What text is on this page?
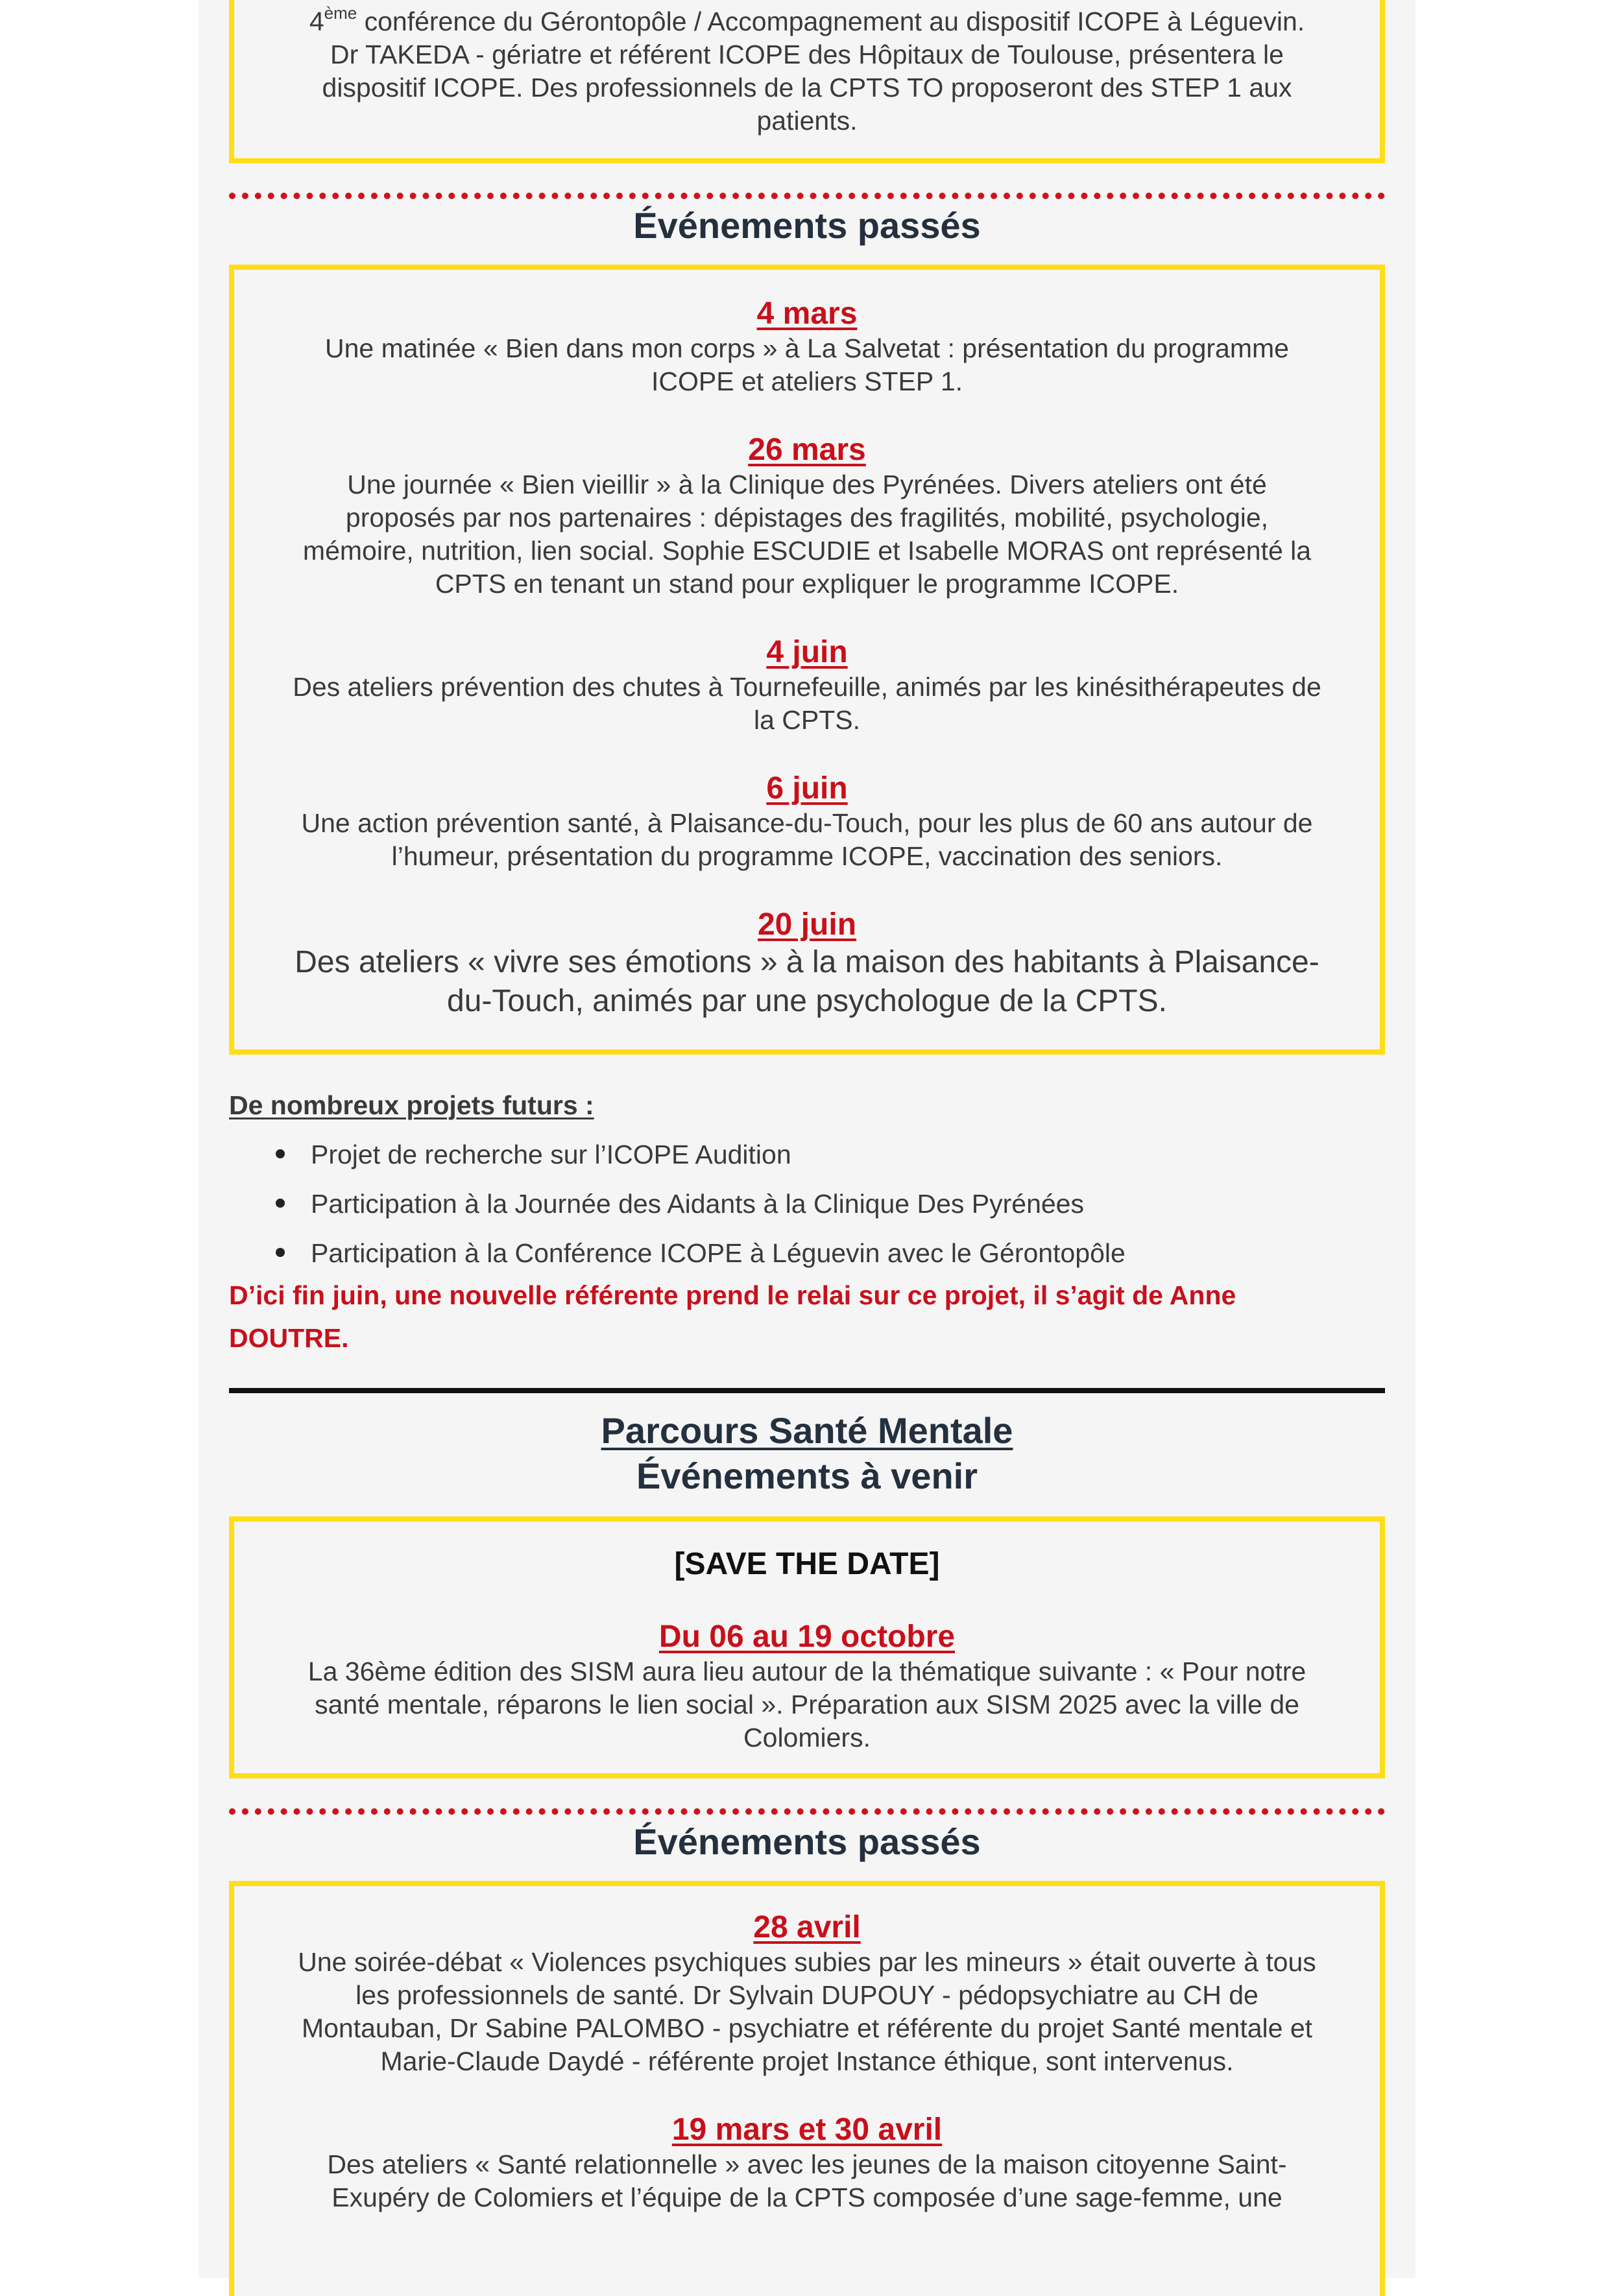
4ème conférence du Gérontopôle / Accompagnement au dispositif ICOPE à Léguevin.
Dr TAKEDA - gériatre et référent ICOPE des Hôpitaux de Toulouse, présentera le
dispositif ICOPE. Des professionnels de la CPTS TO proposeront des STEP 1 aux
patients.
Événements passés
4 mars
Une matinée « Bien dans mon corps » à La Salvetat : présentation du programme
ICOPE et ateliers STEP 1.
26 mars
Une journée « Bien vieillir » à la Clinique des Pyrénées. Divers ateliers ont été
proposés par nos partenaires : dépistages des fragilités, mobilité, psychologie,
mémoire, nutrition, lien social. Sophie ESCUDIE et Isabelle MORAS ont représenté la
CPTS en tenant un stand pour expliquer le programme ICOPE.
4 juin
Des ateliers prévention des chutes à Tournefeuille, animés par les kinésithérapeutes de
la CPTS.
6 juin
Une action prévention santé, à Plaisance-du-Touch, pour les plus de 60 ans autour de
l’humeur, présentation du programme ICOPE, vaccination des seniors.
20 juin
Des ateliers « vivre ses émotions » à la maison des habitants à Plaisance-
du-Touch, animés par une psychologue de la CPTS.
De nombreux projets futurs :
Projet de recherche sur l’ICOPE Audition
Participation à la Journée des Aidants à la Clinique Des Pyrénées
Participation à la Conférence ICOPE à Léguevin avec le Gérontopôle
D’ici fin juin, une nouvelle référente prend le relai sur ce projet, il s’agit de Anne
DOUTRE.
Parcours Santé Mentale
Événements à venir
[SAVE THE DATE]
Du 06 au 19 octobre
La 36ème édition des SISM aura lieu autour de la thématique suivante : « Pour notre
santé mentale, réparons le lien social ». Préparation aux SISM 2025 avec la ville de
Colomiers.
Événements passés
28 avril
Une soirée-débat « Violences psychiques subies par les mineurs » était ouverte à tous
les professionnels de santé. Dr Sylvain DUPOUY - pédopsychiatre au CH de
Montauban, Dr Sabine PALOMBO - psychiatre et référente du projet Santé mentale et
Marie-Claude Daydé - référente projet Instance éthique, sont intervenus.
19 mars et 30 avril
Des ateliers « Santé relationnelle » avec les jeunes de la maison citoyenne Saint-
Exupéry de Colomiers et l’équipe de la CPTS composée d’une sage-femme, une
